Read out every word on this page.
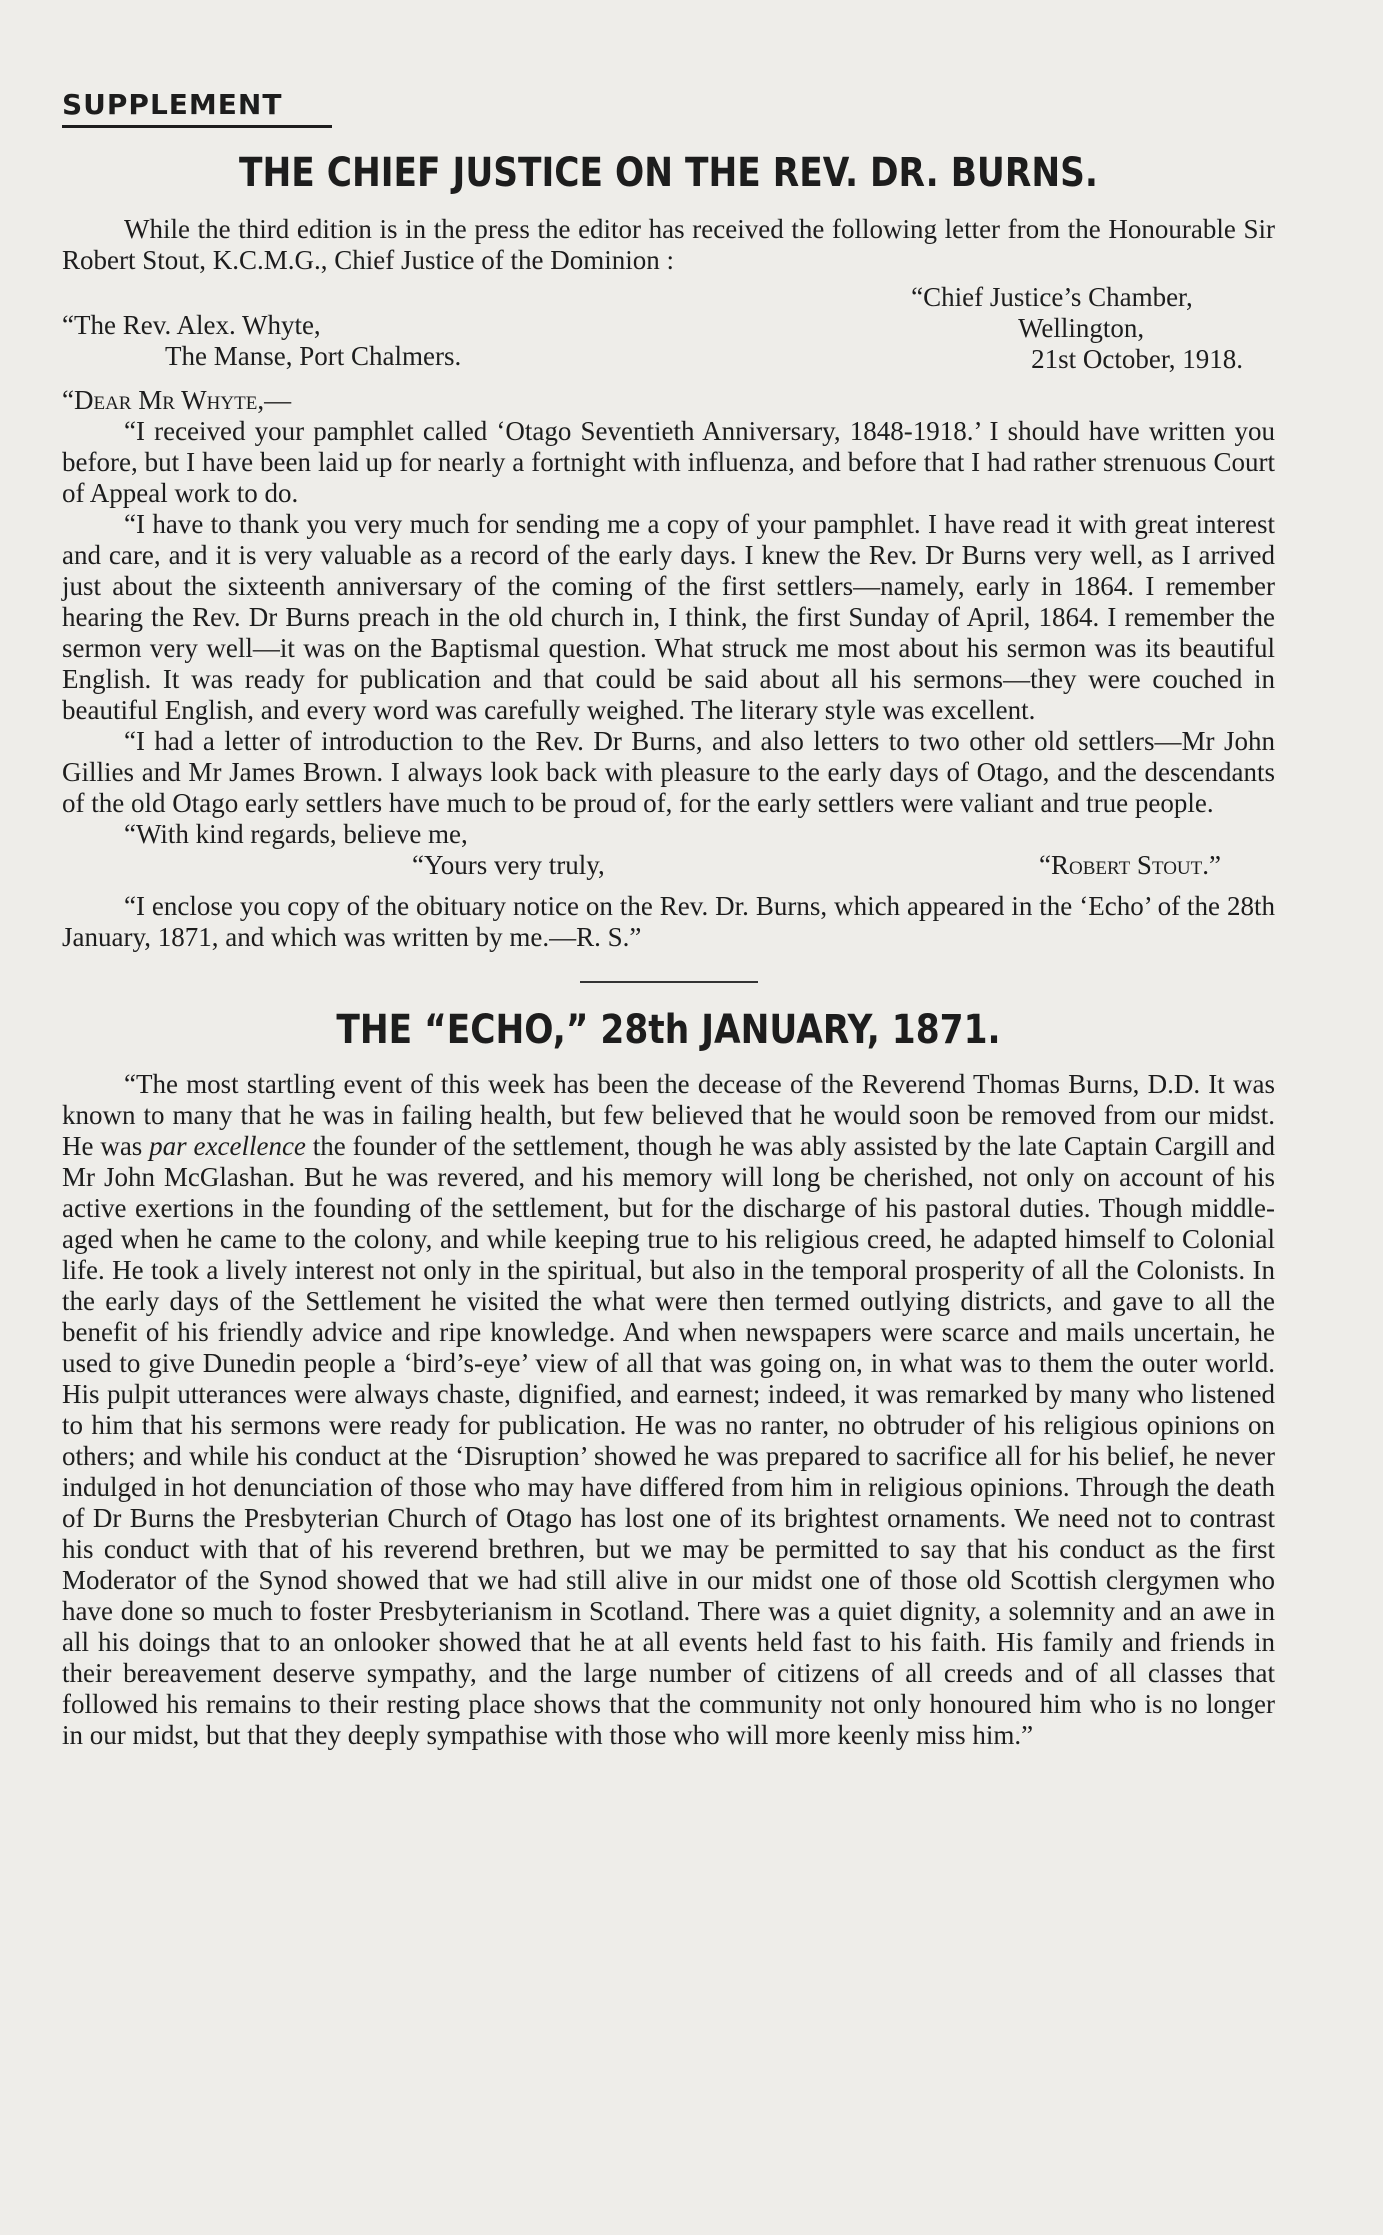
SUPPLEMENT
THE CHIEF JUSTICE ON THE REV. DR. BURNS.

While the third edition is in the press the editor has received the following letter from the Honourable Sir Robert Stout, K.C.M.G., Chief Justice of the Dominion :

“The Rev. Alex. Whyte,
The Manse, Port Chalmers.
“Chief Justice’s Chamber,
Wellington,
21st October, 1918.

“Dear Mr Whyte,—

“I received your pamphlet called ‘Otago Seventieth Anniversary, 1848-1918.’ I should have written you before, but I have been laid up for nearly a fortnight with influenza, and before that I had rather strenuous Court of Appeal work to do.

“I have to thank you very much for sending me a copy of your pamphlet. I have read it with great interest and care, and it is very valuable as a record of the early days. I knew the Rev. Dr Burns very well, as I arrived just about the sixteenth anniversary of the coming of the first settlers—namely, early in 1864. I remember hearing the Rev. Dr Burns preach in the old church in, I think, the first Sunday of April, 1864. I remember the sermon very well—it was on the Baptismal question. What struck me most about his sermon was its beautiful English. It was ready for publication and that could be said about all his sermons—they were couched in beautiful English, and every word was carefully weighed. The literary style was excellent.

“I had a letter of introduction to the Rev. Dr Burns, and also letters to two other old settlers—Mr John Gillies and Mr James Brown. I always look back with pleasure to the early days of Otago, and the descendants of the old Otago early settlers have much to be proud of, for the early settlers were valiant and true people.

“With kind regards, believe me,

“Yours very truly,	“Robert Stout.”

“I enclose you copy of the obituary notice on the Rev. Dr. Burns, which appeared in the ‘Echo’ of the 28th January, 1871, and which was written by me.—R. S.”

THE “ECHO,” 28th JANUARY, 1871.

“The most startling event of this week has been the decease of the Reverend Thomas Burns, D.D. It was known to many that he was in failing health, but few believed that he would soon be removed from our midst. He was par excellence the founder of the settlement, though he was ably assisted by the late Captain Cargill and Mr John McGlashan. But he was revered, and his memory will long be cherished, not only on account of his active exertions in the founding of the settlement, but for the discharge of his pastoral duties. Though middle-aged when he came to the colony, and while keeping true to his religious creed, he adapted himself to Colonial life. He took a lively interest not only in the spiritual, but also in the temporal prosperity of all the Colonists. In the early days of the Settlement he visited the what were then termed outlying districts, and gave to all the benefit of his friendly advice and ripe knowledge. And when newspapers were scarce and mails uncertain, he used to give Dunedin people a ‘bird’s-eye’ view of all that was going on, in what was to them the outer world. His pulpit utterances were always chaste, dignified, and earnest; indeed, it was remarked by many who listened to him that his sermons were ready for publication. He was no ranter, no obtruder of his religious opinions on others; and while his conduct at the ‘Disruption’ showed he was prepared to sacrifice all for his belief, he never indulged in hot denunciation of those who may have differed from him in religious opinions. Through the death of Dr Burns the Presbyterian Church of Otago has lost one of its brightest ornaments. We need not to contrast his conduct with that of his reverend brethren, but we may be permitted to say that his conduct as the first Moderator of the Synod showed that we had still alive in our midst one of those old Scottish clergymen who have done so much to foster Presbyterianism in Scotland. There was a quiet dignity, a solemnity and an awe in all his doings that to an onlooker showed that he at all events held fast to his faith. His family and friends in their bereavement deserve sympathy, and the large number of citizens of all creeds and of all classes that followed his remains to their resting place shows that the community not only honoured him who is no longer in our midst, but that they deeply sympathise with those who will more keenly miss him.”
